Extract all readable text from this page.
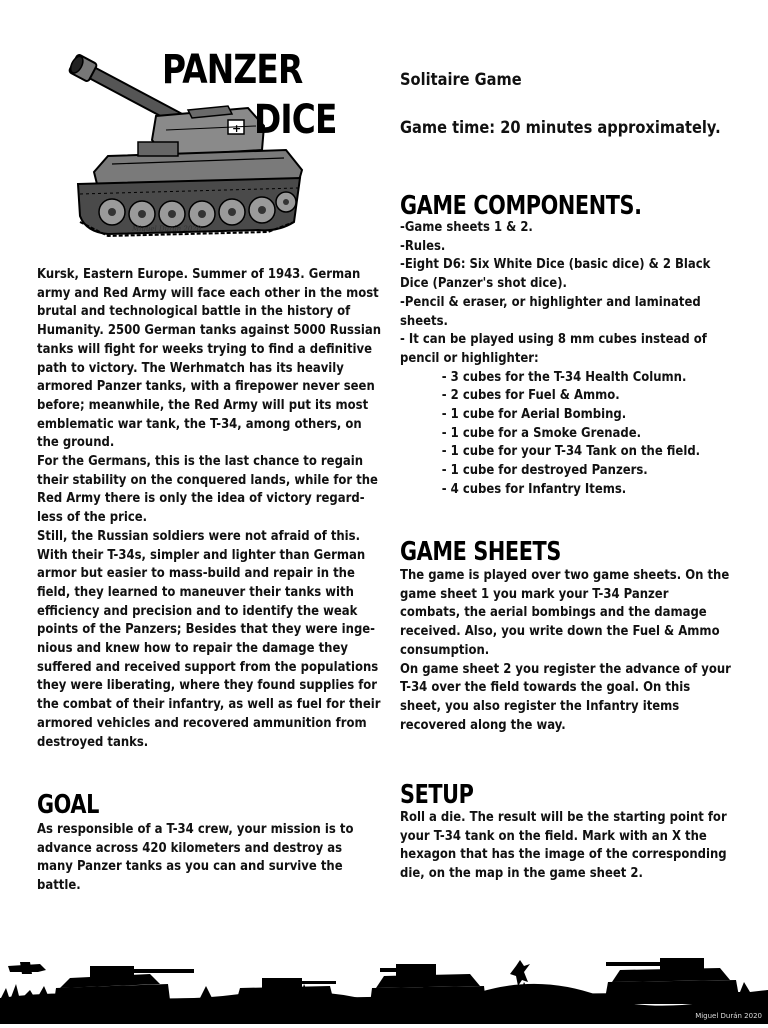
+
PANZER
DICE
Miguel Durán 2020
Solitaire Game
Game time: 20 minutes approximately.

Kursk, Eastern Europe. Summer of 1943. German army and Red Army will face each other in the most brutal and technological battle in the history of Humanity. 2500 German tanks against 5000 Russian tanks will fight for weeks trying to find a definitive path to victory. The Werhmatch has its heavily armored Panzer tanks, with a firepower never seen before; meanwhile, the Red Army will put its most emblematic war tank, the T-34, among others, on the ground.

For the Germans, this is the last chance to regain their stability on the conquered lands, while for the Red Army there is only the idea of victory regard-less of the price.

Still, the Russian soldiers were not afraid of this. With their T-34s, simpler and lighter than German armor but easier to mass-build and repair in the field, they learned to maneuver their tanks with efficiency and precision and to identify the weak points of the Panzers; Besides that they were inge-nious and knew how to repair the damage they suffered and received support from the populations they were liberating, where they found supplies for the combat of their infantry, as well as fuel for their armored vehicles and recovered ammunition from destroyed tanks.

GOAL
As responsible of a T-34 crew, your mission is to advance across 420 kilometers and destroy as many Panzer tanks as you can and survive the battle.
GAME COMPONENTS.

-Game sheets 1 & 2.

-Rules.

-Eight D6: Six White Dice (basic dice) & 2 Black Dice (Panzer's shot dice).

-Pencil & eraser, or highlighter and laminated sheets.

- It can be played using 8 mm cubes instead of pencil or highlighter:

- 3 cubes for the T-34 Health Column.

- 2 cubes for Fuel & Ammo.

- 1 cube for Aerial Bombing.

- 1 cube for a Smoke Grenade.

- 1 cube for your T-34 Tank on the field.

- 1 cube for destroyed Panzers.

- 4 cubes for Infantry Items.

GAME SHEETS

The game is played over two game sheets. On the game sheet 1 you mark your T-34 Panzer combats, the aerial bombings and the damage received. Also, you write down the Fuel & Ammo consumption.

On game sheet 2 you register the advance of your T-34 over the field towards the goal. On this sheet, you also register the Infantry items recovered along the way.

SETUP
Roll a die. The result will be the starting point for your T-34 tank on the field. Mark with an X the hexagon that has the image of the corresponding die, on the map in the game sheet 2.
Miguel Durán 2020
